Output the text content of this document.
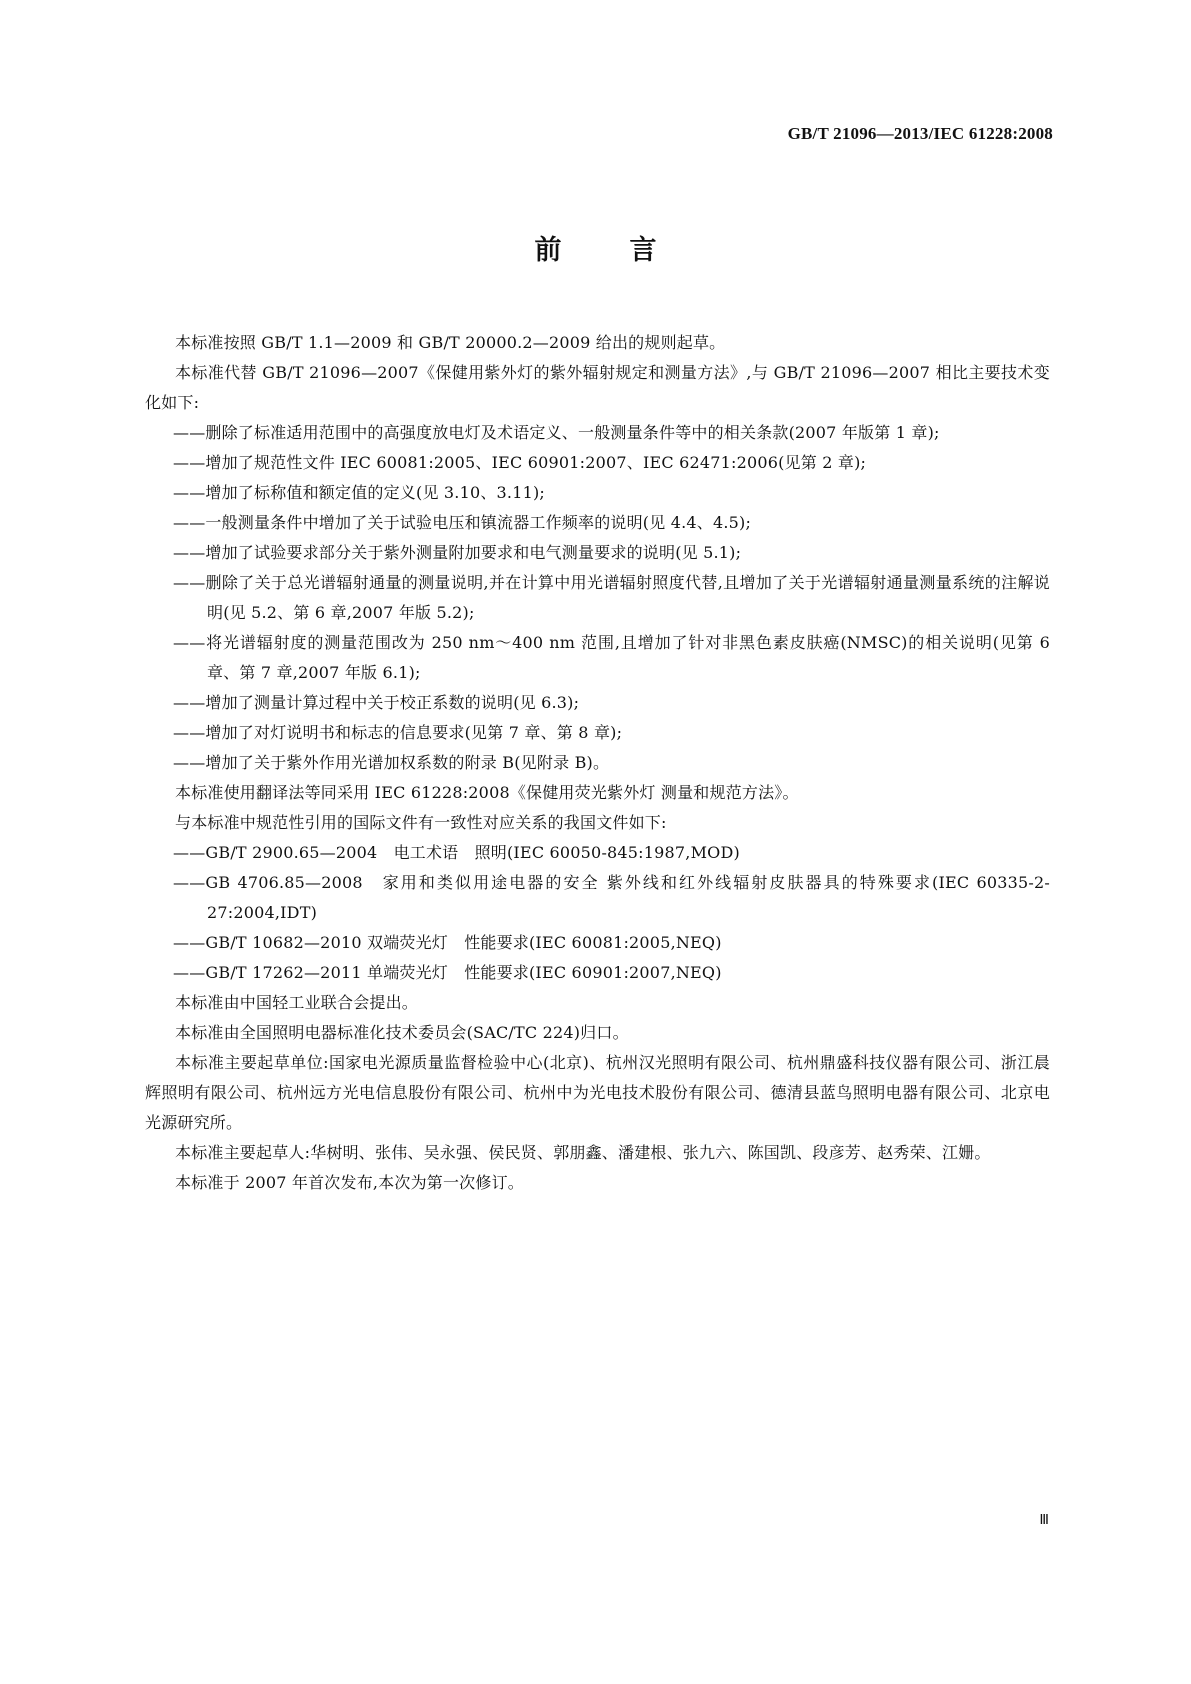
GB/T 21096—2013/IEC 61228:2008
前言

本标准按照 GB/T 1.1—2009 和 GB/T 20000.2—2009 给出的规则起草。

本标准代替 GB/T 21096—2007《保健用紫外灯的紫外辐射规定和测量方法》,与 GB/T 21096—2007 相比主要技术变化如下:

——删除了标准适用范围中的高强度放电灯及术语定义、一般测量条件等中的相关条款(2007 年版第 1 章);

——增加了规范性文件 IEC 60081:2005、IEC 60901:2007、IEC 62471:2006(见第 2 章);

——增加了标称值和额定值的定义(见 3.10、3.11);

——一般测量条件中增加了关于试验电压和镇流器工作频率的说明(见 4.4、4.5);

——增加了试验要求部分关于紫外测量附加要求和电气测量要求的说明(见 5.1);

——删除了关于总光谱辐射通量的测量说明,并在计算中用光谱辐射照度代替,且增加了关于光谱辐射通量测量系统的注解说明(见 5.2、第 6 章,2007 年版 5.2);

——将光谱辐射度的测量范围改为 250 nm～400 nm 范围,且增加了针对非黑色素皮肤癌(NMSC)的相关说明(见第 6 章、第 7 章,2007 年版 6.1);

——增加了测量计算过程中关于校正系数的说明(见 6.3);

——增加了对灯说明书和标志的信息要求(见第 7 章、第 8 章);

——增加了关于紫外作用光谱加权系数的附录 B(见附录 B)。

本标准使用翻译法等同采用 IEC 61228:2008《保健用荧光紫外灯 测量和规范方法》。

与本标准中规范性引用的国际文件有一致性对应关系的我国文件如下:

——GB/T 2900.65—2004　电工术语　照明(IEC 60050-845:1987,MOD)

——GB 4706.85—2008　家用和类似用途电器的安全 紫外线和红外线辐射皮肤器具的特殊要求(IEC 60335-2-27:2004,IDT)

——GB/T 10682—2010 双端荧光灯　性能要求(IEC 60081:2005,NEQ)

——GB/T 17262—2011 单端荧光灯　性能要求(IEC 60901:2007,NEQ)

本标准由中国轻工业联合会提出。

本标准由全国照明电器标准化技术委员会(SAC/TC 224)归口。

本标准主要起草单位:国家电光源质量监督检验中心(北京)、杭州汉光照明有限公司、杭州鼎盛科技仪器有限公司、浙江晨辉照明有限公司、杭州远方光电信息股份有限公司、杭州中为光电技术股份有限公司、德清县蓝鸟照明电器有限公司、北京电光源研究所。

本标准主要起草人:华树明、张伟、吴永强、侯民贤、郭朋鑫、潘建根、张九六、陈国凯、段彦芳、赵秀荣、江姗。

本标准于 2007 年首次发布,本次为第一次修订。

Ⅲ
